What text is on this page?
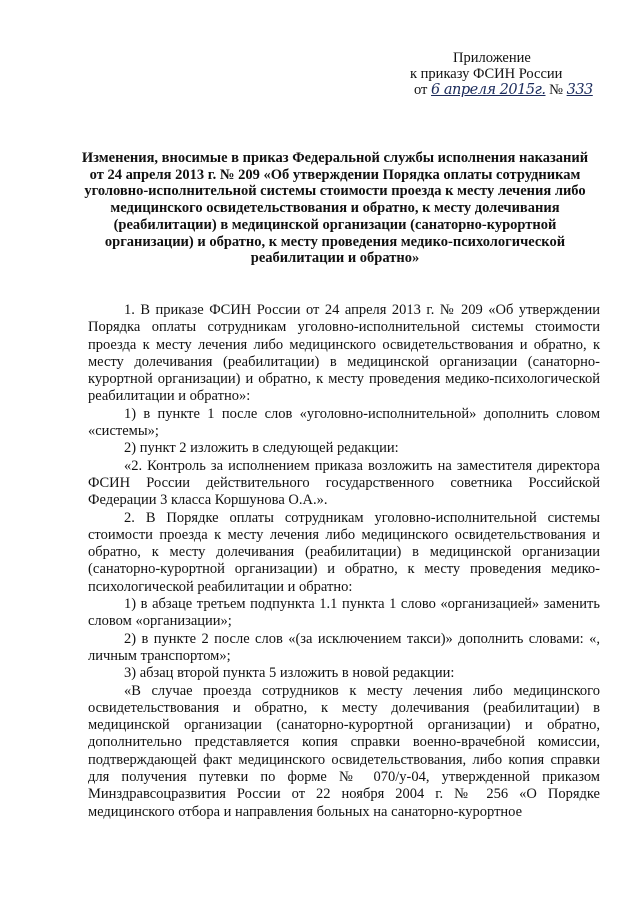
Приложение
к приказу ФСИН России
от 6 апреля 2015г. № 333
Изменения, вносимые в приказ Федеральной службы исполнения наказаний от 24 апреля 2013 г. № 209 «Об утверждении Порядка оплаты сотрудникам уголовно-исполнительной системы стоимости проезда к месту лечения либо медицинского освидетельствования и обратно, к месту долечивания (реабилитации) в медицинской организации (санаторно-курортной организации) и обратно, к месту проведения медико-психологической реабилитации и обратно»

1. В приказе ФСИН России от 24 апреля 2013 г. № 209 «Об утверждении Порядка оплаты сотрудникам уголовно-исполнительной системы стоимости проезда к месту лечения либо медицинского освидетельствования и обратно, к месту долечивания (реабилитации) в медицинской организации (санаторно-курортной организации) и обратно, к месту проведения медико-психологической реабилитации и обратно»:

1) в пункте 1 после слов «уголовно-исполнительной» дополнить словом «системы»;

2) пункт 2 изложить в следующей редакции:

«2. Контроль за исполнением приказа возложить на заместителя директора ФСИН России действительного государственного советника Российской Федерации 3 класса Коршунова О.А.».

2. В Порядке оплаты сотрудникам уголовно-исполнительной системы стоимости проезда к месту лечения либо медицинского освидетельствования и обратно, к месту долечивания (реабилитации) в медицинской организации (санаторно-курортной организации) и обратно, к месту проведения медико-психологической реабилитации и обратно:

1) в абзаце третьем подпункта 1.1 пункта 1 слово «организацией» заменить словом «организации»;

2) в пункте 2 после слов «(за исключением такси)» дополнить словами: «, личным транспортом»;

3) абзац второй пункта 5 изложить в новой редакции:

«В случае проезда сотрудников к месту лечения либо медицинского освидетельствования и обратно, к месту долечивания (реабилитации) в медицинской организации (санаторно-курортной организации) и обратно, дополнительно представляется копия справки военно-врачебной комиссии, подтверждающей факт медицинского освидетельствования, либо копия справки для получения путевки по форме № 070/у-04, утвержденной приказом Минздравсоцразвития России от 22 ноября 2004 г. № 256 «О Порядке медицинского отбора и направления больных на санаторно-курортное
